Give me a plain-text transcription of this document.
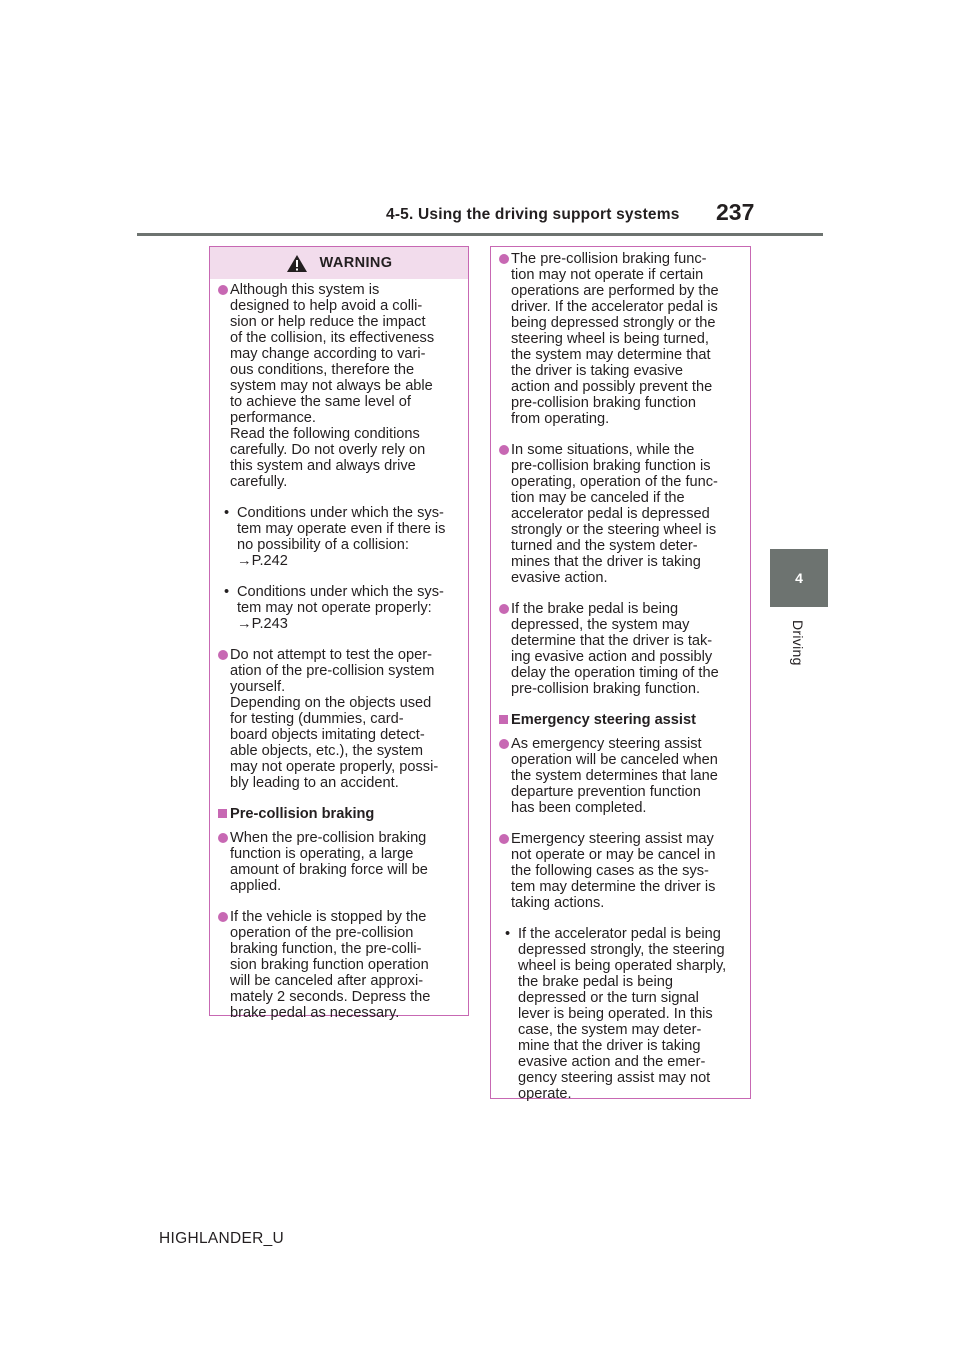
4-5. Using the driving support systems 237
4
Driving
WARNING
Although this system is
designed to help avoid a colli-
sion or help reduce the impact
of the collision, its effectiveness
may change according to vari-
ous conditions, therefore the
system may not always be able
to achieve the same level of
performance.
Read the following conditions
carefully. Do not overly rely on
this system and always drive
carefully.
• Conditions under which the sys-
tem may operate even if there is
no possibility of a collision:
→P.242
• Conditions under which the sys-
tem may not operate properly:
→P.243
Do not attempt to test the oper-
ation of the pre-collision system
yourself.
Depending on the objects used
for testing (dummies, card-
board objects imitating detect-
able objects, etc.), the system
may not operate properly, possi-
bly leading to an accident.
Pre-collision braking
When the pre-collision braking
function is operating, a large
amount of braking force will be
applied.
If the vehicle is stopped by the
operation of the pre-collision
braking function, the pre-colli-
sion braking function operation
will be canceled after approxi-
mately 2 seconds. Depress the
brake pedal as necessary.
The pre-collision braking func-
tion may not operate if certain
operations are performed by the
driver. If the accelerator pedal is
being depressed strongly or the
steering wheel is being turned,
the system may determine that
the driver is taking evasive
action and possibly prevent the
pre-collision braking function
from operating.
In some situations, while the
pre-collision braking function is
operating, operation of the func-
tion may be canceled if the
accelerator pedal is depressed
strongly or the steering wheel is
turned and the system deter-
mines that the driver is taking
evasive action.
If the brake pedal is being
depressed, the system may
determine that the driver is tak-
ing evasive action and possibly
delay the operation timing of the
pre-collision braking function.
Emergency steering assist
As emergency steering assist
operation will be canceled when
the system determines that lane
departure prevention function
has been completed.
Emergency steering assist may
not operate or may be cancel in
the following cases as the sys-
tem may determine the driver is
taking actions.
• If the accelerator pedal is being
depressed strongly, the steering
wheel is being operated sharply,
the brake pedal is being
depressed or the turn signal
lever is being operated. In this
case, the system may deter-
mine that the driver is taking
evasive action and the emer-
gency steering assist may not
operate.
HIGHLANDER_U
